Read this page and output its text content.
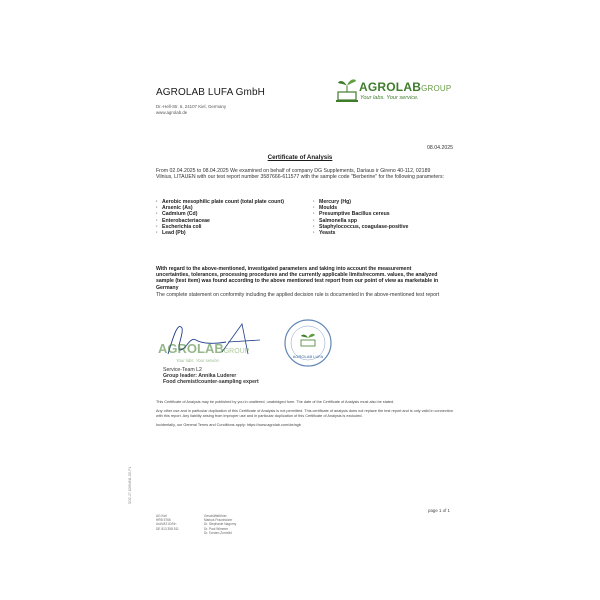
AGROLAB LUFA GmbH
Dr.-Hell-Str. 6, 24107 Kiel, Germany
www.agrolab.de
AGROLABGROUP
Your labs. Your service.
08.04.2025
Certificate of Analysis
From 02.04.2025 to 08.04.2025 We examined on behalf of company DG Supplements, Dariaus ir Gireno 40-112, 02189 Vilnius, LITAUEN with our test report number 3587666-611577 with the sample code "Berberine" for the following parameters:
· Aerobic mesophilic plate count (total plate count)
· Arsenic (As)
· Cadmium (Cd)
· Enterobacteriaceae
· Escherichia coli
· Lead (Pb)
· Mercury (Hg)
· Moulds
· Presumptive Bacillus cereus
· Salmonella spp
· Staphylococcus, coagulase-positive
· Yeasts
With regard to the above-mentioned, investigated parameters and taking into account the measurement uncertainties, tolerances, processing procedures and the currently applicable limits/recomm. values, the analyzed sample (test item) was found according to the above mentioned test report from our point of view as marketable in Germany
The complete statement on conformity including the applied decision rule is documented in the above-mentioned test report
AGROLABGROUP
Your labs. Your service.
AGROLAB LUFA
Service-Team L2
Group leader: Annika Luderer
Food chemist/counter-sampling expert

This Certificate of Analysis may be published by you in unaltered, unabridged form. The date of the Certificate of Analysis must also be stated.

Any other use and in particular duplication of this Certificate of Analysis is not permitted. This certificate of analysis does not replace the test report and is only valid in connection with this report. Any liability arising from improper use and in particular duplication of this Certificate of Analysis is excluded.

Incidentally, our General Terms and Conditions apply: https://www.agrolab.com/de/agb

page 1 of 1
DOC-27-10884811-DE-P1
AG Kiel
HRB 5766
Ust/VAT-ID/Nr:
DE 813 358 511
Geschäftsführer
Markus Fraunholzer
Dr. Stephanie Nagorny
Dr. Paul Wimmer
Dr. Torsten Zurmühl
